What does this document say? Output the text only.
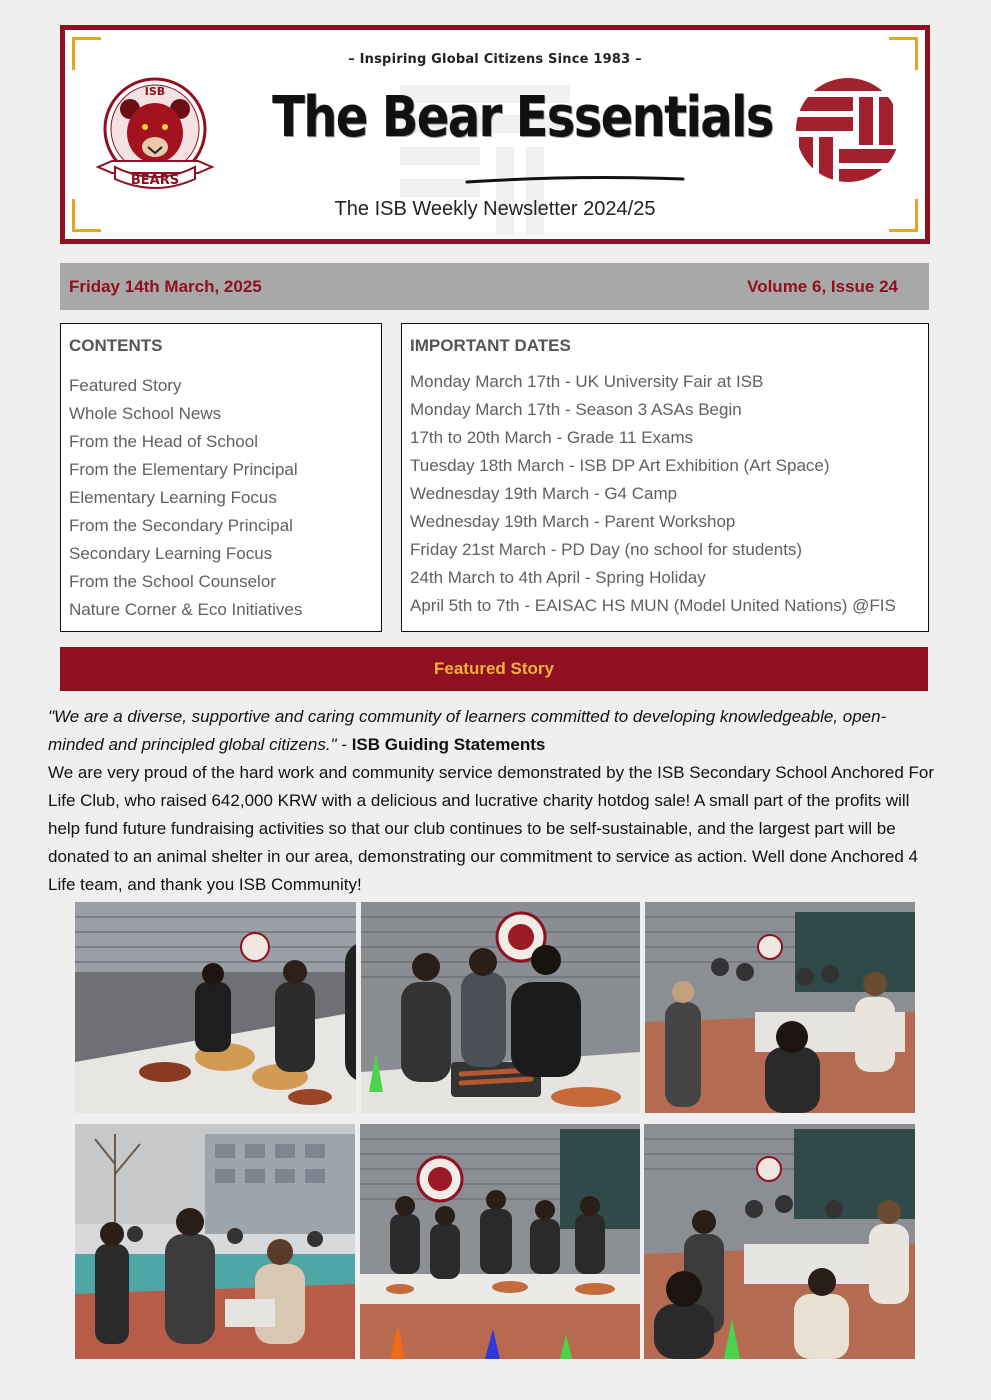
– Inspiring Global Citizens Since 1983 –
The Bear Essentials
The ISB Weekly Newsletter 2024/25
ISB
BEARS
Friday 14th March, 2025	Volume 6, Issue 24
CONTENTS
Featured Story
Whole School News
From the Head of School
From the Elementary Principal
Elementary Learning Focus
From the Secondary Principal
Secondary Learning Focus
From the School Counselor
Nature Corner & Eco Initiatives
IMPORTANT DATES
Monday March 17th - UK University Fair at ISB
Monday March 17th - Season 3 ASAs Begin
17th to 20th March - Grade 11 Exams
Tuesday 18th March - ISB DP Art Exhibition (Art Space)
Wednesday 19th March - G4 Camp
Wednesday 19th March - Parent Workshop
Friday 21st March - PD Day (no school for students)
24th March to 4th April - Spring Holiday
April 5th to 7th - EAISAC HS MUN (Model United Nations) @FIS
Featured Story

"We are a diverse, supportive and caring community of learners committed to developing knowledgeable, open-minded and principled global citizens." - ISB Guiding Statements

We are very proud of the hard work and community service demonstrated by the ISB Secondary School Anchored For Life Club, who raised 642,000 KRW with a delicious and lucrative charity hotdog sale! A small part of the profits will help fund future fundraising activities so that our club continues to be self-sustainable, and the largest part will be donated to an animal shelter in our area, demonstrating our commitment to service as action. Well done Anchored 4 Life team, and thank you ISB Community!
